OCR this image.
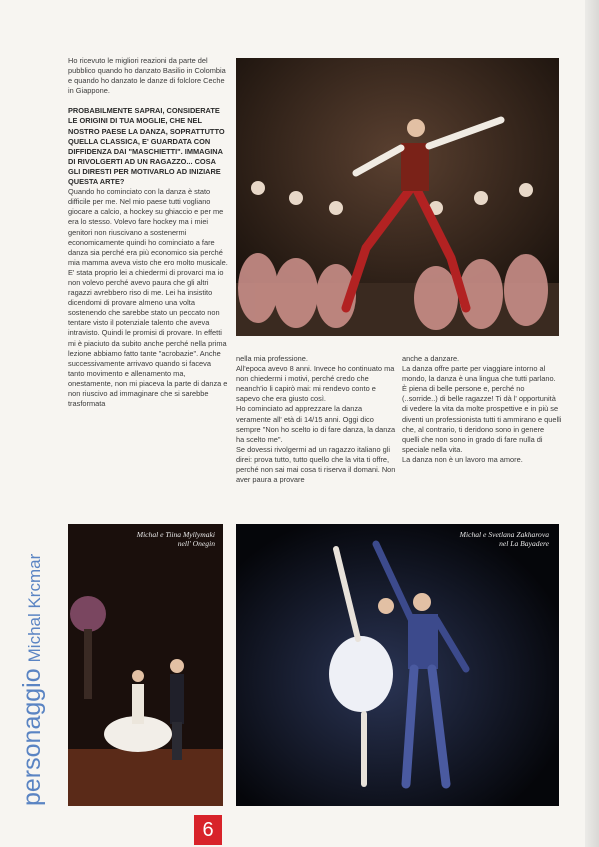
Ho ricevuto le migliori reazioni da parte del pubblico quando ho danzato Basilio in Colombia e quando ho danzato le danze di folclore Ceche in Giappone.

PROBABILMENTE SAPRAI, CONSIDERATE LE ORIGINI DI TUA MOGLIE, CHE NEL NOSTRO PAESE LA DANZA, SOPRATTUTTO QUELLA CLASSICA, E' GUARDATA CON DIFFIDENZA DAI "MASCHIETTI". IMMAGINA DI RIVOLGERTI AD UN RAGAZZO... COSA GLI DIRESTI PER MOTIVARLO AD INIZIARE QUESTA ARTE?

Quando ho cominciato con la danza è stato difficile per me. Nel mio paese tutti vogliano giocare a calcio, a hockey su ghiaccio e per me era lo stesso. Volevo fare hockey ma i miei genitori non riuscivano a sostenermi economicamente quindi ho cominciato a fare danza sia perché era più economico sia perché mia mamma aveva visto che ero molto musicale. E' stata proprio lei a chiedermi di provarci ma io non volevo perché avevo paura che gli altri ragazzi avrebbero riso di me. Lei ha insistito dicendomi di provare almeno una volta sostenendo che sarebbe stato un peccato non tentare visto il potenziale talento che aveva intravisto. Quindi le promisi di provare. In effetti mi è piaciuto da subito anche perché nella prima lezione abbiamo fatto tante "acrobazie". Anche successivamente arrivavo quando si faceva tanto movimento e allenamento ma, onestamente, non mi piaceva la parte di danza e non riuscivo ad immaginare che si sarebbe trasformata

nella mia professione.

All'epoca avevo 8 anni. Invece ho continuato ma non chiedermi i motivi, perché credo che neanch'io li capirò mai: mi rendevo conto e sapevo che era giusto così.

Ho cominciato ad apprezzare la danza veramente all' età di 14/15 anni. Oggi dico sempre "Non ho scelto io di fare danza, la danza ha scelto me".

Se dovessi rivolgermi ad un ragazzo italiano gli direi: prova tutto, tutto quello che la vita ti offre, perché non sai mai cosa ti riserva il domani. Non aver paura a provare

anche a danzare.

La danza offre parte per viaggiare intorno al mondo, la danza è una lingua che tutti parlano. È piena di belle persone e, perché no (..sorride..) di belle ragazze! Ti dà l' opportunità di vedere la vita da molte prospettive e in più se diventi un professionista tutti ti ammirano e quelli che, al contrario, ti deridono sono in genere quelli che non sono in grado di fare nulla di speciale nella vita.

La danza non è un lavoro ma amore.

Michal e Tiina Myllymaki
nell' Onegin
Michal e Svetlana Zakharova
nel La Bayadere
personaggioMichal Krcmar
6
